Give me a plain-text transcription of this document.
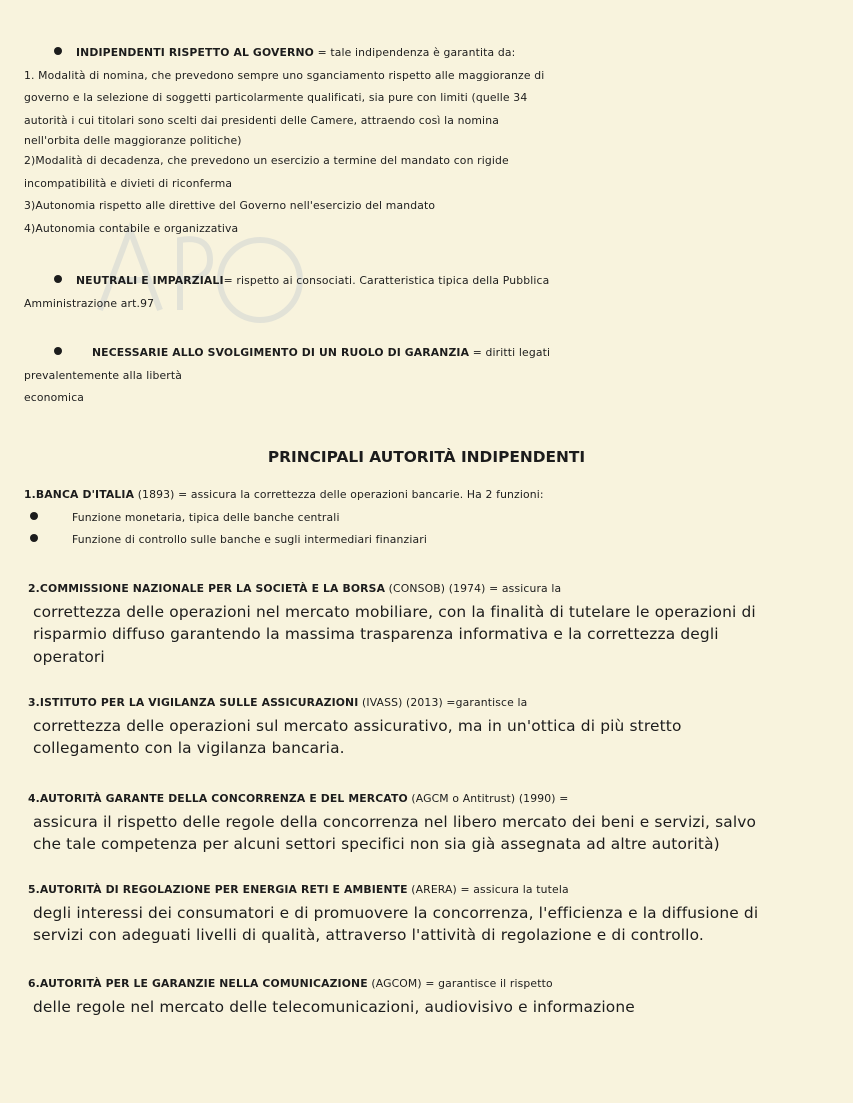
INDIPENDENTI RISPETTO AL GOVERNO = tale indipendenza è garantita da:

1. Modalità di nomina, che prevedono sempre uno sganciamento rispetto alle maggioranze di

governo e la selezione di soggetti particolarmente qualificati, sia pure con limiti (quelle 34

autorità i cui titolari sono scelti dai presidenti delle Camere, attraendo così la nomina

nell'orbita delle maggioranze politiche)

2)Modalità di decadenza, che prevedono un esercizio a termine del mandato con rigide

incompatibilità e divieti di riconferma

3)Autonomia rispetto alle direttive del Governo nell'esercizio del mandato

4)Autonomia contabile e organizzativa

NEUTRALI E IMPARZIALI= rispetto ai consociati. Caratteristica tipica della Pubblica

Amministrazione art.97

NECESSARIE ALLO SVOLGIMENTO DI UN RUOLO DI GARANZIA = diritti legati

prevalentemente alla libertà

economica

PRINCIPALI AUTORITÀ INDIPENDENTI

1.BANCA D'ITALIA (1893) = assicura la correttezza delle operazioni bancarie. Ha 2 funzioni:

Funzione monetaria, tipica delle banche centrali

Funzione di controllo sulle banche e sugli intermediari finanziari

2.COMMISSIONE NAZIONALE PER LA SOCIETÀ E LA BORSA (CONSOB) (1974) = assicura la

correttezza delle operazioni nel mercato mobiliare, con la finalità di tutelare le operazioni di

risparmio diffuso garantendo la massima trasparenza informativa e la correttezza degli

operatori

3.ISTITUTO PER LA VIGILANZA SULLE ASSICURAZIONI (IVASS) (2013) =garantisce la

correttezza delle operazioni sul mercato assicurativo, ma in un'ottica di più stretto

collegamento con la vigilanza bancaria.

4.AUTORITÀ GARANTE DELLA CONCORRENZA E DEL MERCATO (AGCM o Antitrust) (1990) =

assicura il rispetto delle regole della concorrenza nel libero mercato dei beni e servizi, salvo

che tale competenza per alcuni settori specifici non sia già assegnata ad altre autorità)

5.AUTORITÀ DI REGOLAZIONE PER ENERGIA RETI E AMBIENTE (ARERA) = assicura la tutela

degli interessi dei consumatori e di promuovere la concorrenza, l'efficienza e la diffusione di

servizi con adeguati livelli di qualità, attraverso l'attività di regolazione e di controllo.

6.AUTORITÀ PER LE GARANZIE NELLA COMUNICAZIONE (AGCOM) = garantisce il rispetto

delle regole nel mercato delle telecomunicazioni, audiovisivo e informazione
